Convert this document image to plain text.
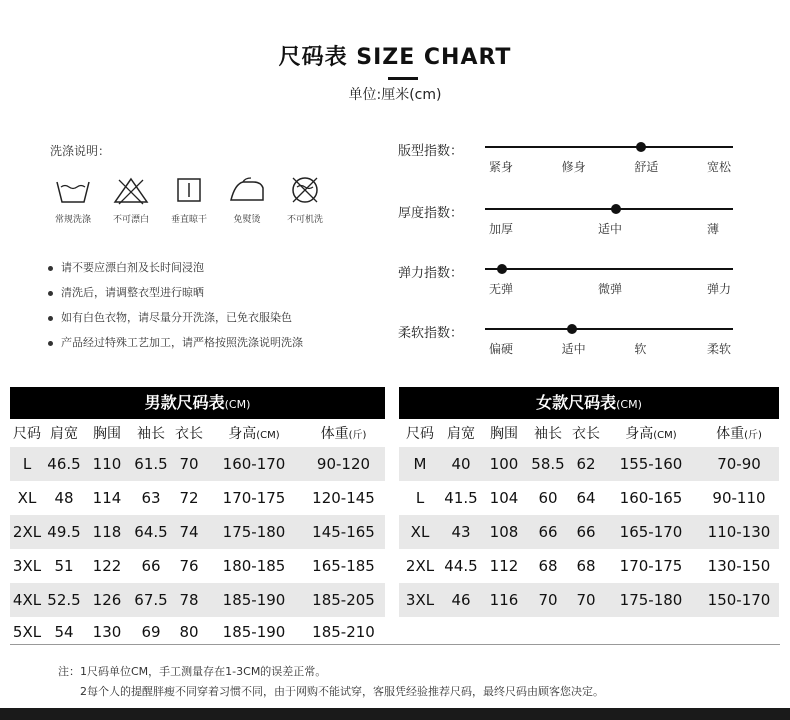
尺码表 SIZE CHART
单位:厘米(cm)
洗涤说明：
常规洗涤 不可漂白 垂直晾干	免熨烫	不可机洗
请不要应漂白剂及长时间浸泡
清洗后，请调整衣型进行晾晒
如有白色衣物，请尽量分开洗涤，已免衣服染色
产品经过特殊工艺加工，请严格按照洗涤说明洗涤
版型指数：
紧身	修身	舒适	宽松
厚度指数：
加厚	适中	薄
弹力指数：
无弹	微弹	弹力
柔软指数：
偏硬	适中	软	柔软
男款尺码表(CM)
尺码 肩宽	胸围	袖长 衣长	身高(CM)	体重(斤)
L	46.5 110 61.5 70	160-170	90-120
XL	48	114	63	72	170-175	120-145
2XL 49.5 118 64.5 74	175-180	145-165
3XL 51	122	66	76	180-185	165-185
4XL 52.5 126 67.5 78	185-190	185-205
5XL 54	130	69	80	185-190	185-210
女款尺码表(CM)
尺码 肩宽	胸围	袖长 衣长	身高(CM)	体重(斤)
M	40	100 58.5 62	155-160	70-90
L	41.5 104	60	64	160-165	90-110
XL	43	108	66	66	165-170	110-130
2XL 44.5 112	68	68	170-175	130-150
3XL	46	116	70	70	175-180	150-170
注：1尺码单位CM，手工测量存在1-3CM的误差正常。
2每个人的提醒胖瘦不同穿着习惯不同，由于网购不能试穿，客服凭经验推荐尺码，最终尺码由顾客您决定。
